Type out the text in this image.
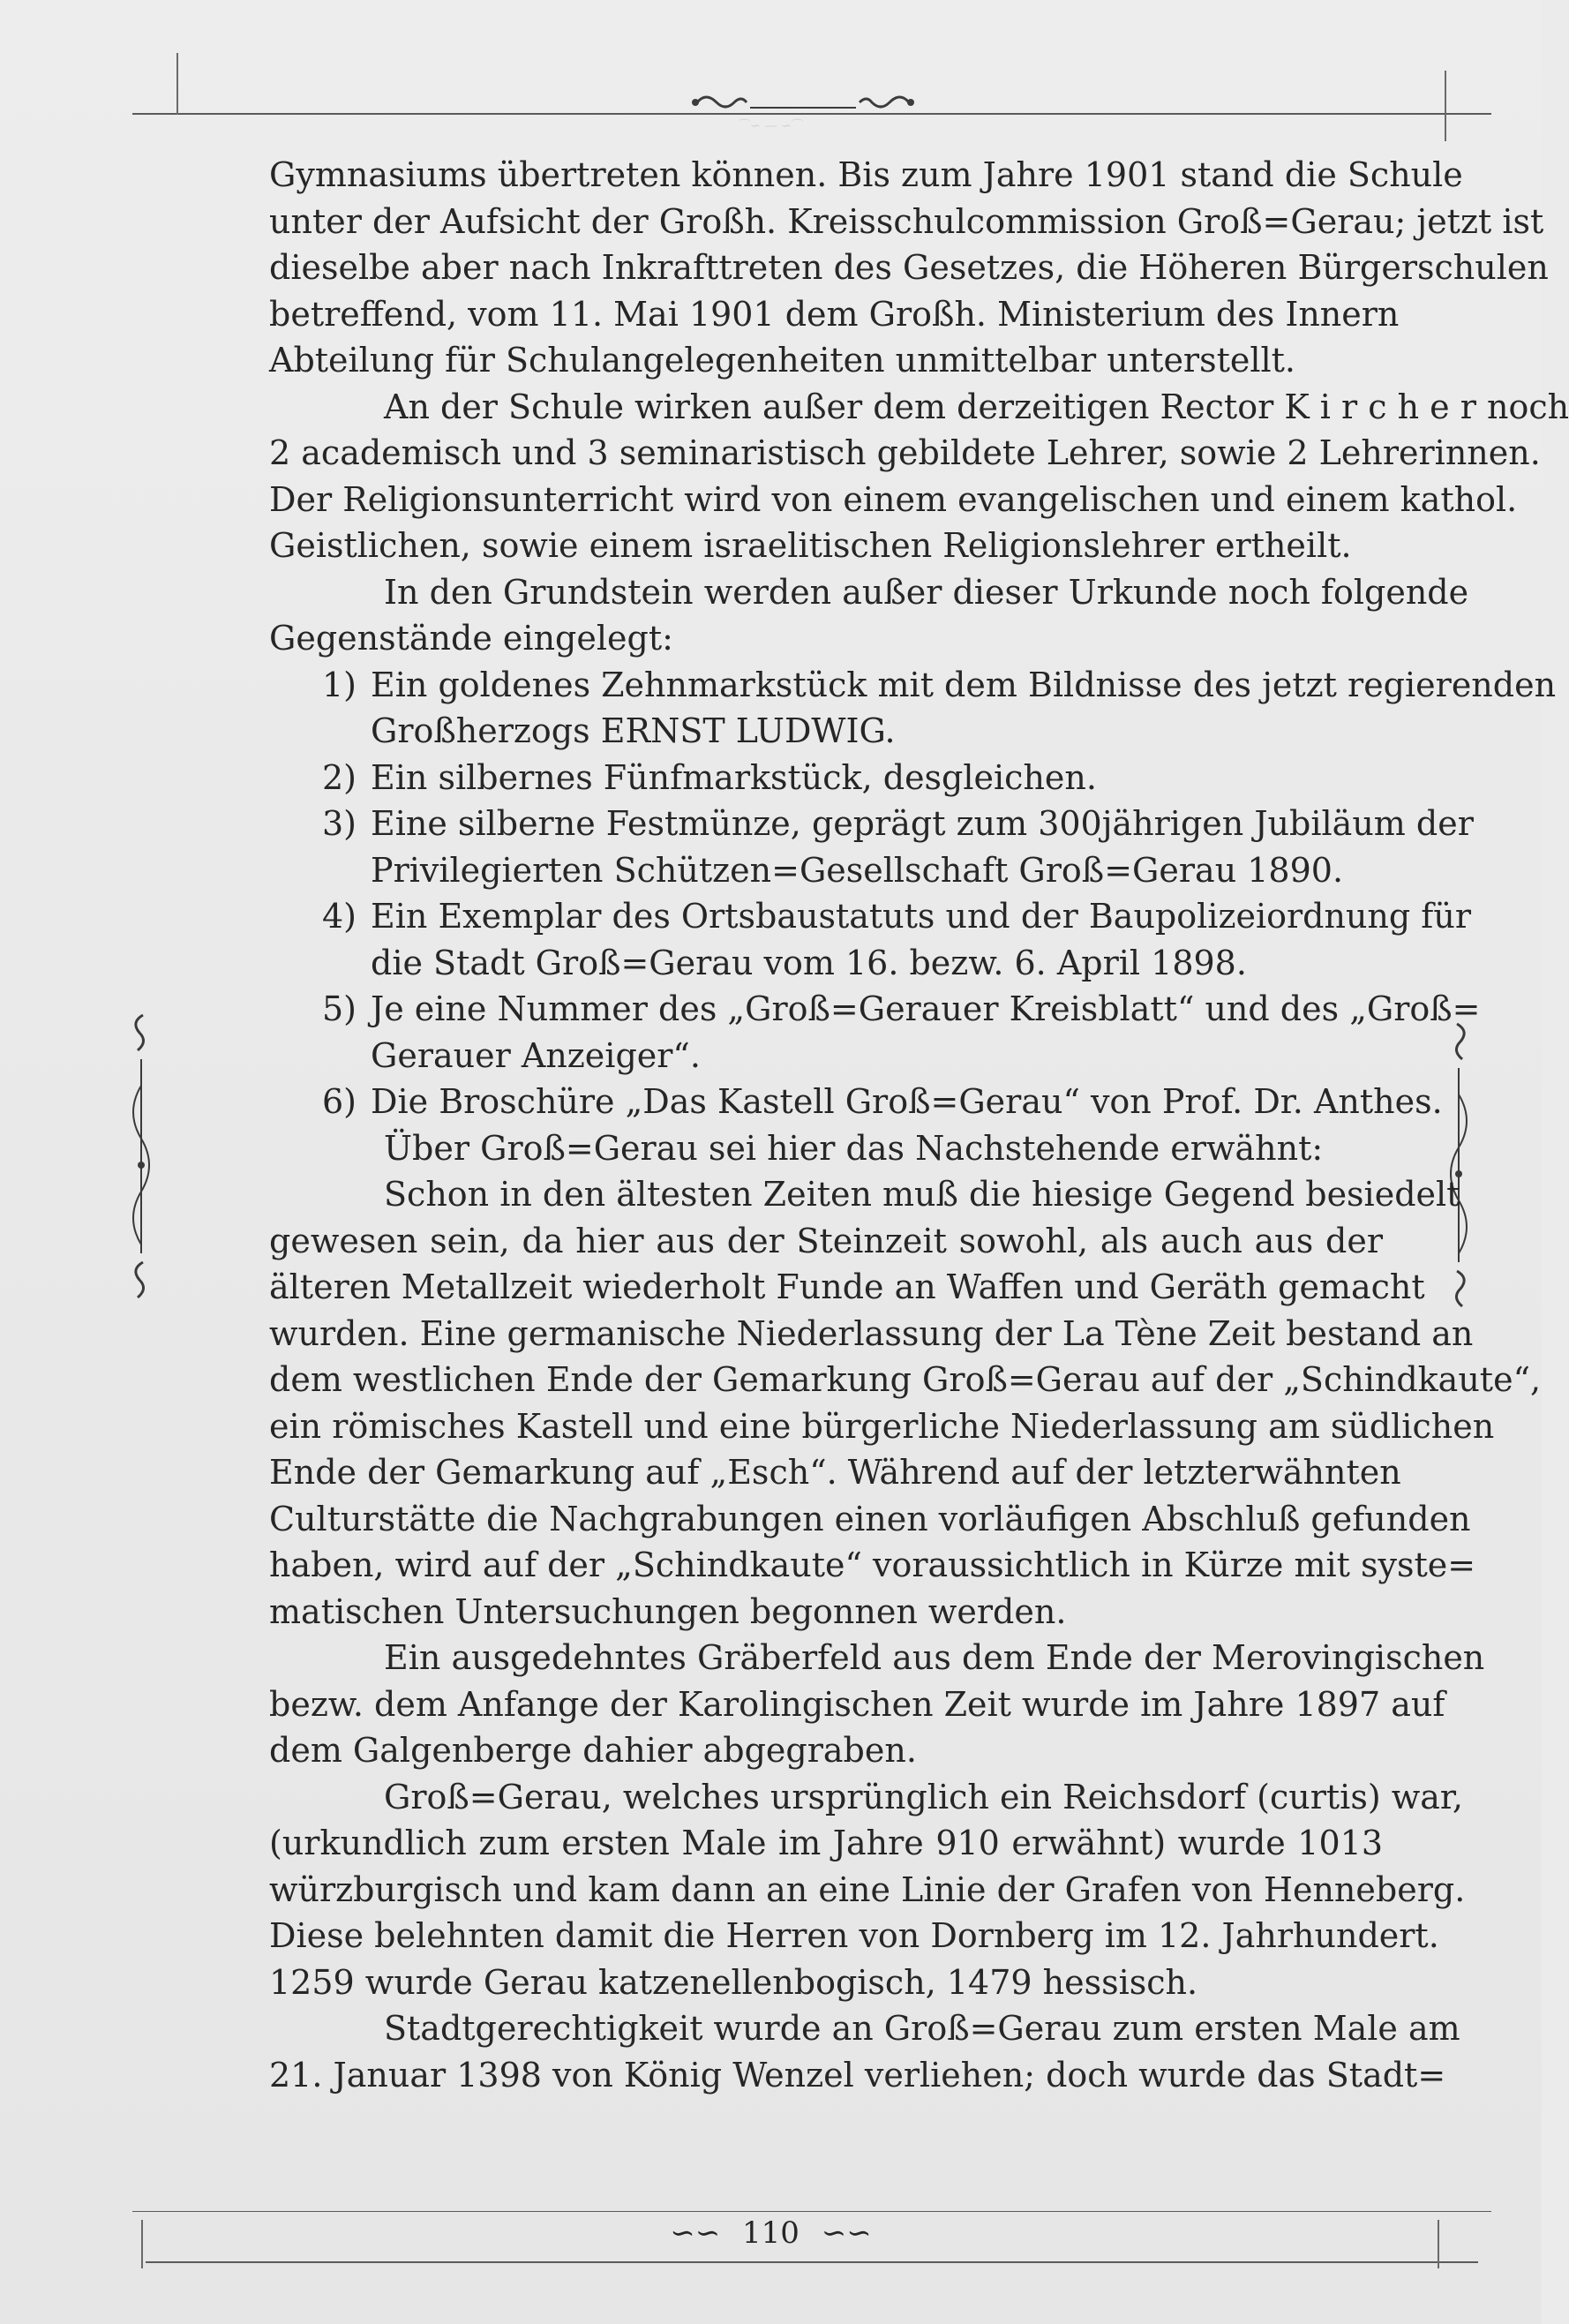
Gymnasiums übertreten können. Bis zum Jahre 1901 stand die Schule
unter der Aufsicht der Großh. Kreisschulcommission Groß=Gerau; jetzt ist
dieselbe aber nach Inkrafttreten des Gesetzes, die Höheren Bürgerschulen
betreffend, vom 11. Mai 1901 dem Großh. Ministerium des Innern
Abteilung für Schulangelegenheiten unmittelbar unterstellt.
An der Schule wirken außer dem derzeitigen Rector K i r c h e r noch
2 academisch und 3 seminaristisch gebildete Lehrer, sowie 2 Lehrerinnen.
Der Religionsunterricht wird von einem evangelischen und einem kathol.
Geistlichen, sowie einem israelitischen Religionslehrer ertheilt.
In den Grundstein werden außer dieser Urkunde noch folgende
Gegenstände eingelegt:
1) Ein goldenes Zehnmarkstück mit dem Bildnisse des jetzt regierenden
Großherzogs ERNST LUDWIG.
2) Ein silbernes Fünfmarkstück, desgleichen.
3) Eine silberne Festmünze, geprägt zum 300jährigen Jubiläum der
Privilegierten Schützen=Gesellschaft Groß=Gerau 1890.
4) Ein Exemplar des Ortsbaustatuts und der Baupolizeiordnung für
die Stadt Groß=Gerau vom 16. bezw. 6. April 1898.
5) Je eine Nummer des „Groß=Gerauer Kreisblatt“ und des „Groß=
Gerauer Anzeiger“.
6) Die Broschüre „Das Kastell Groß=Gerau“ von Prof. Dr. Anthes.
Über Groß=Gerau sei hier das Nachstehende erwähnt:
Schon in den ältesten Zeiten muß die hiesige Gegend besiedelt
gewesen sein, da hier aus der Steinzeit sowohl, als auch aus der
älteren Metallzeit wiederholt Funde an Waffen und Geräth gemacht
wurden. Eine germanische Niederlassung der La Tène Zeit bestand an
dem westlichen Ende der Gemarkung Groß=Gerau auf der „Schindkaute“,
ein römisches Kastell und eine bürgerliche Niederlassung am südlichen
Ende der Gemarkung auf „Esch“. Während auf der letzterwähnten
Culturstätte die Nachgrabungen einen vorläufigen Abschluß gefunden
haben, wird auf der „Schindkaute“ voraussichtlich in Kürze mit syste=
matischen Untersuchungen begonnen werden.
Ein ausgedehntes Gräberfeld aus dem Ende der Merovingischen
bezw. dem Anfange der Karolingischen Zeit wurde im Jahre 1897 auf
dem Galgenberge dahier abgegraben.
Groß=Gerau, welches ursprünglich ein Reichsdorf (curtis) war,
(urkundlich zum ersten Male im Jahre 910 erwähnt) wurde 1013
würzburgisch und kam dann an eine Linie der Grafen von Henneberg.
Diese belehnten damit die Herren von Dornberg im 12. Jahrhundert.
1259 wurde Gerau katzenellenbogisch, 1479 hessisch.
Stadtgerechtigkeit wurde an Groß=Gerau zum ersten Male am
21. Januar 1398 von König Wenzel verliehen; doch wurde das Stadt=
∽∽ 110 ∽∽
⌒∽ — ∽⌒
